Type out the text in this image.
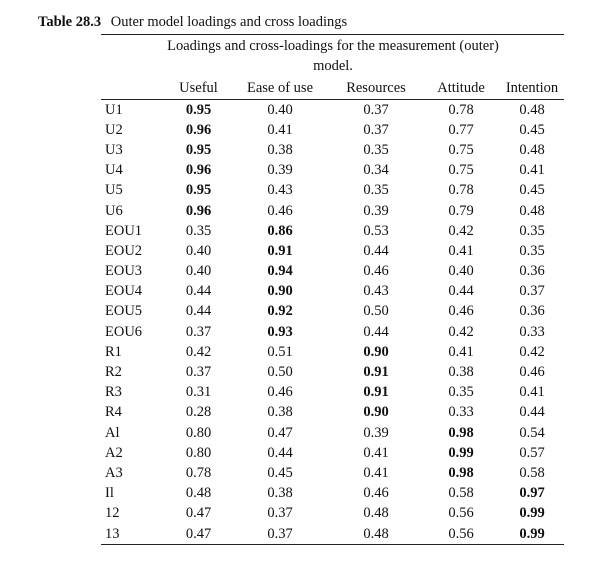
Table 28.3 Outer model loadings and cross loadings
Loadings and cross-loadings for the measurement (outer) model.
	Useful	Ease of use	Resources	Attitude	Intention
U1	0.95	0.40	0.37	0.78	0.48
U2	0.96	0.41	0.37	0.77	0.45
U3	0.95	0.38	0.35	0.75	0.48
U4	0.96	0.39	0.34	0.75	0.41
U5	0.95	0.43	0.35	0.78	0.45
U6	0.96	0.46	0.39	0.79	0.48
EOU1	0.35	0.86	0.53	0.42	0.35
EOU2	0.40	0.91	0.44	0.41	0.35
EOU3	0.40	0.94	0.46	0.40	0.36
EOU4	0.44	0.90	0.43	0.44	0.37
EOU5	0.44	0.92	0.50	0.46	0.36
EOU6	0.37	0.93	0.44	0.42	0.33
R1	0.42	0.51	0.90	0.41	0.42
R2	0.37	0.50	0.91	0.38	0.46
R3	0.31	0.46	0.91	0.35	0.41
R4	0.28	0.38	0.90	0.33	0.44
Al	0.80	0.47	0.39	0.98	0.54
A2	0.80	0.44	0.41	0.99	0.57
A3	0.78	0.45	0.41	0.98	0.58
Il	0.48	0.38	0.46	0.58	0.97
12	0.47	0.37	0.48	0.56	0.99
13	0.47	0.37	0.48	0.56	0.99
